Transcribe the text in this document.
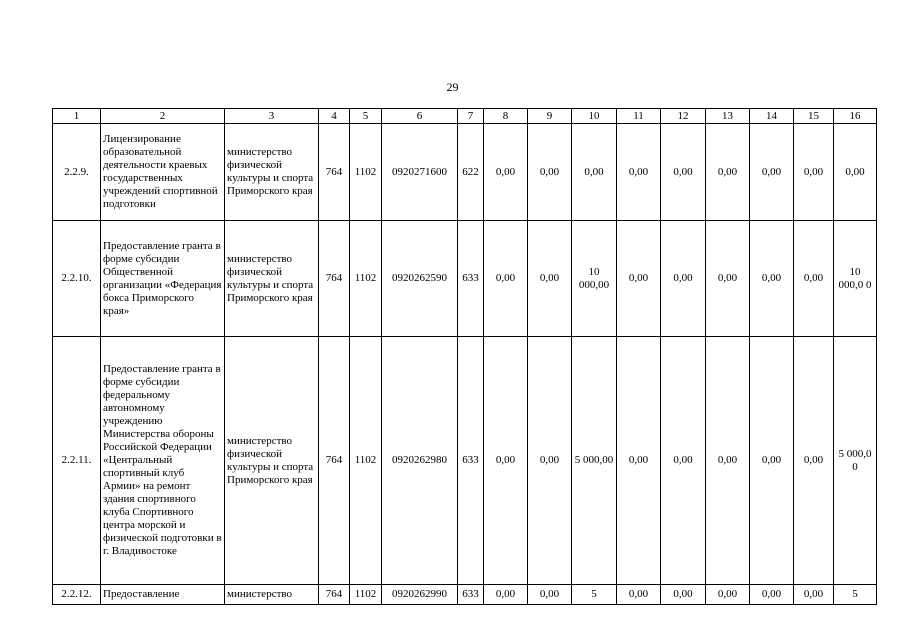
29
1	2	3	4	5	6	7	8	9	10	11	12	13	14	15	16
2.2.9.	Лицензирование образовательной деятельности краевых государственных учреждений спортивной подготовки	министерство физической культуры и спорта Приморского края	764	1102	0920271600	622	0,00	0,00	0,00	0,00	0,00	0,00	0,00	0,00	0,00
2.2.10.	Предоставление гранта в форме субсидии Общественной организации «Федерация бокса Приморского края»	министерство физической культуры и спорта Приморского края	764	1102	0920262590	633	0,00	0,00	10 000,00	0,00	0,00	0,00	0,00	0,00	10 000,0 0
2.2.11.	Предоставление гранта в форме субсидии федеральному автономному учреждению Министерства обороны Российской Федерации «Центральный спортивный клуб Армии» на ремонт здания спортивного клуба Спортивного центра морской и физической подготовки в г. Владивостоке	министерство физической культуры и спорта Приморского края	764	1102	0920262980	633	0,00	0,00	5 000,00	0,00	0,00	0,00	0,00	0,00	5 000,0 0
2.2.12.	Предоставление	министерство	764	1102	0920262990	633	0,00	0,00	5	0,00	0,00	0,00	0,00	0,00	5
